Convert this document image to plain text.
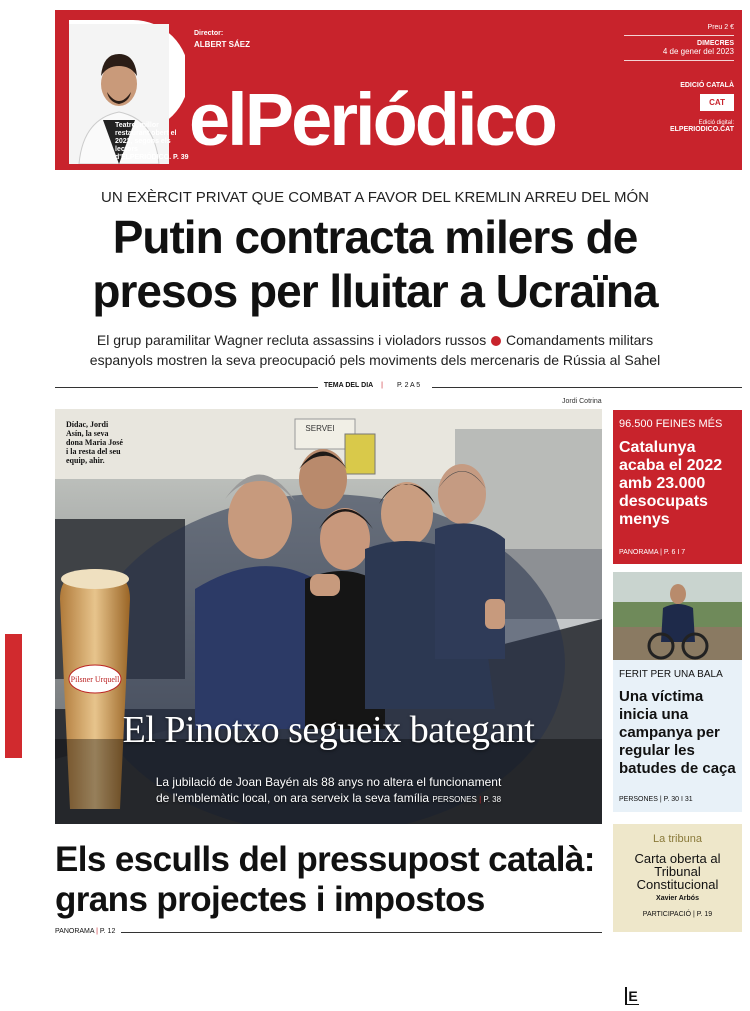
Teatro, millor restaurant obert el 2022, segons els lectors d'ELPERIÓDICO. P. 39
Director:
ALBERT SÁEZ
elPeriódico
Preu 2 €
DIMECRES
4 de gener del 2023
EDICIÓ CATALÀ
CAT
Edició digital:
ELPERIODICO.CAT
UN EXÈRCIT PRIVAT QUE COMBAT A FAVOR DEL KREMLIN ARREU DEL MÓN
Putin contracta milers de
presos per lluitar a Ucraïna
El grup paramilitar Wagner recluta assassins i violadors russos Comandaments militars
espanyols mostren la seva preocupació pels moviments dels mercenaris de Rússia al Sahel
TEMA DEL DIA | P. 2 A 5
Jordi Cotrina
Pilsner Urquell
SERVEI
Dídac, Jordi Asín, la seva dona Maria José i la resta del seu equip, ahir.
El Pinotxo segueix bategant
La jubilació de Joan Bayén als 88 anys no altera el funcionament
de l'emblemàtic local, on ara serveix la seva família PERSONES | P. 38
96.500 FEINES MÉS
Catalunya acaba el 2022 amb 23.000 desocupats menys
PANORAMA | P. 6 I 7
FERIT PER UNA BALA
Una víctima inicia una campanya per regular les batudes de caça
PERSONES | P. 30 I 31
La tribuna
Carta oberta al Tribunal Constitucional
Xavier Arbós
PARTICIPACIÓ | P. 19
Els esculls del pressupost català:
grans projectes i impostos
PANORAMA | P. 12
E
